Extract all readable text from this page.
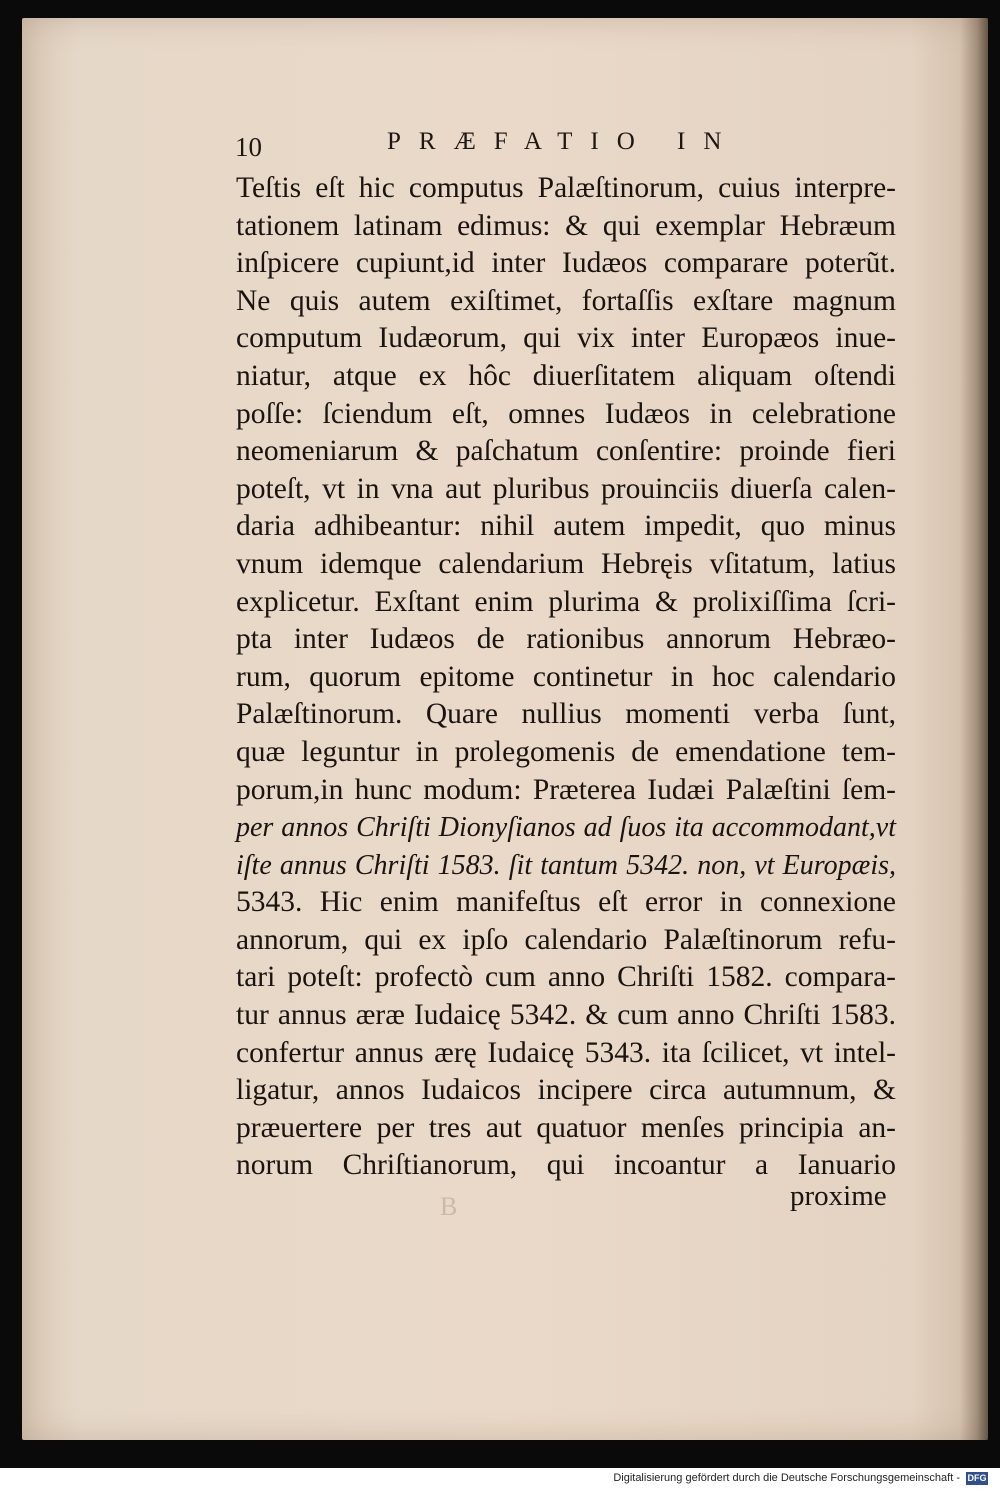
10	PRÆFATIO IN
Teſtis eſt hic computus Palæſtinorum, cuius interpre-
tationem latinam edimus: & qui exemplar Hebræum
inſpicere cupiunt,id inter Iudæos comparare poterũt.
Ne quis autem exiſtimet, fortaſſis exſtare magnum
computum Iudæorum, qui vix inter Europæos inue-
niatur, atque ex hôc diuerſitatem aliquam oſtendi
poſſe: ſciendum eſt, omnes Iudæos in celebratione
neomeniarum & paſchatum conſentire: proinde fieri
poteſt, vt in vna aut pluribus prouinciis diuerſa calen-
daria adhibeantur: nihil autem impedit, quo minus
vnum idemque calendarium Hebręis vſitatum, latius
explicetur. Exſtant enim plurima & prolixiſſima ſcri-
pta inter Iudæos de rationibus annorum Hebræo-
rum, quorum epitome continetur in hoc calendario
Palæſtinorum. Quare nullius momenti verba ſunt,
quæ leguntur in prolegomenis de emendatione tem-
porum,in hunc modum: Præterea Iudæi Palæſtini ſem-
per annos Chriſti Dionyſianos ad ſuos ita accommodant,vt
iſte annus Chriſti 1583. ſit tantum 5342. non, vt Europæis,
5343. Hic enim manifeſtus eſt error in connexione
annorum, qui ex ipſo calendario Palæſtinorum refu-
tari poteſt: profectò cum anno Chriſti 1582. compara-
tur annus æræ Iudaicę 5342. & cum anno Chriſti 1583.
confertur annus ærę Iudaicę 5343. ita ſcilicet, vt intel-
ligatur, annos Iudaicos incipere circa autumnum, &
præuertere per tres aut quatuor menſes principia an-
norum Chriſtianorum, qui incoantur a Ianuario
B	proxime
Digitalisierung gefördert durch die Deutsche Forschungsgemeinschaft - DFG
